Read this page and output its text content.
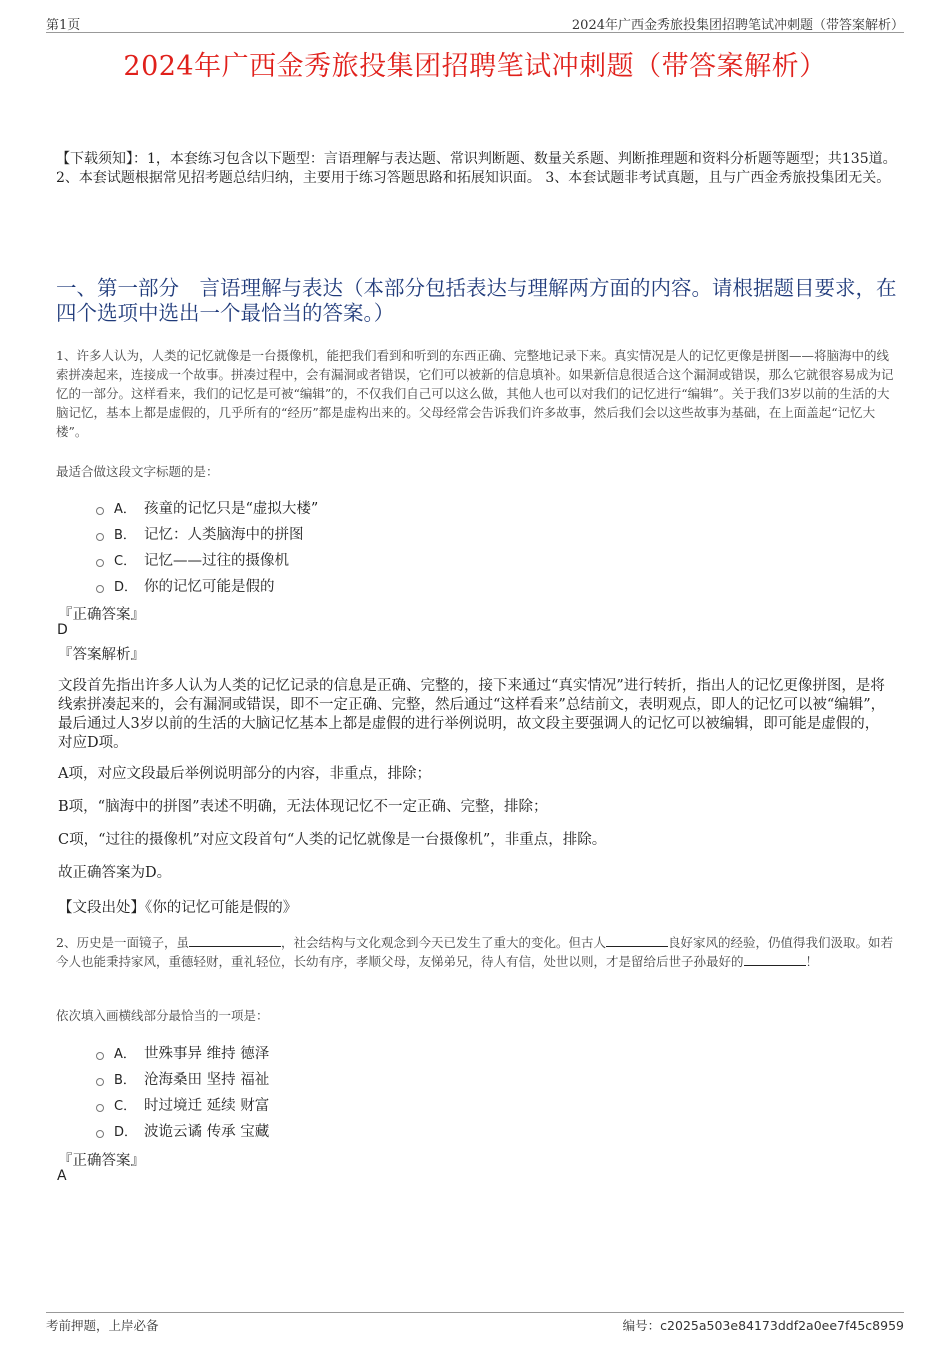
第1页	2024年广西金秀旅投集团招聘笔试冲刺题（带答案解析）
2024年广西金秀旅投集团招聘笔试冲刺题（带答案解析）
【下载须知】：1，本套练习包含以下题型：言语理解与表达题、常识判断题、数量关系题、判断推理题和资料分析题等题型；共135道。 2、本套试题根据常见招考题总结归纳，主要用于练习答题思路和拓展知识面。 3、本套试题非考试真题，且与广西金秀旅投集团无关。
一、第一部分　言语理解与表达（本部分包括表达与理解两方面的内容。请根据题目要求，在四个选项中选出一个最恰当的答案。）
1、许多人认为，人类的记忆就像是一台摄像机，能把我们看到和听到的东西正确、完整地记录下来。真实情况是人的记忆更像是拼图——将脑海中的线索拼凑起来，连接成一个故事。拼凑过程中，会有漏洞或者错误，它们可以被新的信息填补。如果新信息很适合这个漏洞或错误，那么它就很容易成为记忆的一部分。这样看来，我们的记忆是可被“编辑”的，不仅我们自己可以这么做，其他人也可以对我们的记忆进行“编辑”。关于我们3岁以前的生活的大脑记忆，基本上都是虚假的，几乎所有的“经历”都是虚构出来的。父母经常会告诉我们许多故事，然后我们会以这些故事为基础，在上面盖起“记忆大楼”。
最适合做这段文字标题的是：
A． 孩童的记忆只是“虚拟大楼”
B． 记忆：人类脑海中的拼图
C． 记忆——过往的摄像机
D． 你的记忆可能是假的
『正确答案』
D
『答案解析』
文段首先指出许多人认为人类的记忆记录的信息是正确、完整的，接下来通过“真实情况”进行转折，指出人的记忆更像拼图，是将线索拼凑起来的，会有漏洞或错误，即不一定正确、完整，然后通过“这样看来”总结前文，表明观点，即人的记忆可以被“编辑”，最后通过人3岁以前的生活的大脑记忆基本上都是虚假的进行举例说明，故文段主要强调人的记忆可以被编辑，即可能是虚假的，对应D项。
A项，对应文段最后举例说明部分的内容，非重点，排除；
B项，“脑海中的拼图”表述不明确，无法体现记忆不一定正确、完整，排除；
C项，“过往的摄像机”对应文段首句“人类的记忆就像是一台摄像机”，非重点，排除。
故正确答案为D。
【文段出处】《你的记忆可能是假的》
2、历史是一面镜子，虽	，社会结构与文化观念到今天已发生了重大的变化。但古人	良好家风的经验，仍值得我们汲取。如若今人也能秉持家风，重德轻财，重礼轻位，长幼有序，孝顺父母，友悌弟兄，待人有信，处世以则，才是留给后世子孙最好的	！
依次填入画横线部分最恰当的一项是：
A． 世殊事异 维持 德泽
B． 沧海桑田 坚持 福祉
C． 时过境迁 延续 财富
D． 波诡云谲 传承 宝藏
『正确答案』
A
考前押题，上岸必备	编号：c2025a503e84173ddf2a0ee7f45c8959
